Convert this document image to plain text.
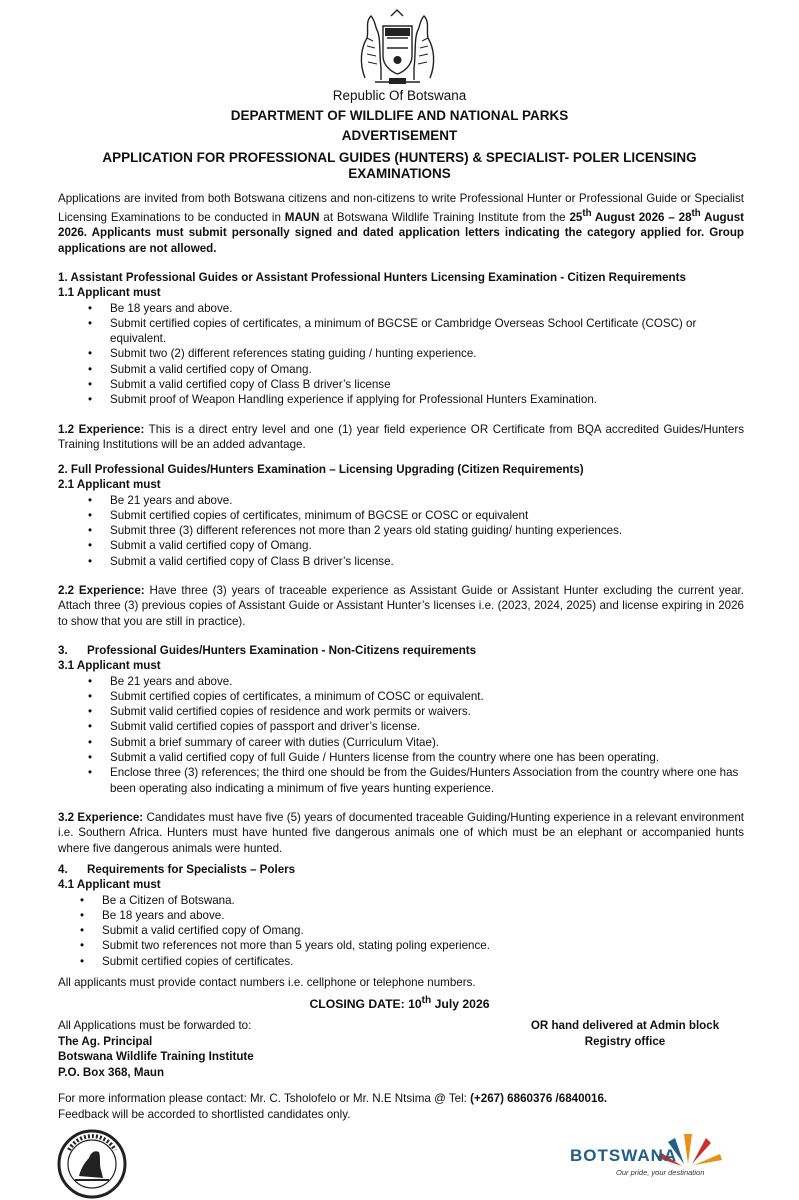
Republic Of Botswana
DEPARTMENT OF WILDLIFE AND NATIONAL PARKS
ADVERTISEMENT
APPLICATION FOR PROFESSIONAL GUIDES (HUNTERS) & SPECIALIST- POLER LICENSING
EXAMINATIONS
Applications are invited from both Botswana citizens and non-citizens to write Professional Hunter or Professional Guide or Specialist Licensing Examinations to be conducted in MAUN at Botswana Wildlife Training Institute from the 25th August 2026 – 28th August 2026. Applicants must submit personally signed and dated application letters indicating the category applied for. Group applications are not allowed.
1. Assistant Professional Guides or Assistant Professional Hunters Licensing Examination - Citizen Requirements
1.1 Applicant must
• Be 18 years and above.
• Submit certified copies of certificates, a minimum of BGCSE or Cambridge Overseas School Certificate (COSC) or equivalent.
• Submit two (2) different references stating guiding / hunting experience.
• Submit a valid certified copy of Omang.
• Submit a valid certified copy of Class B driver’s license
• Submit proof of Weapon Handling experience if applying for Professional Hunters Examination.
1.2 Experience: This is a direct entry level and one (1) year field experience OR Certificate from BQA accredited Guides/Hunters Training Institutions will be an added advantage.
2. Full Professional Guides/Hunters Examination – Licensing Upgrading (Citizen Requirements)
2.1 Applicant must
• Be 21 years and above.
• Submit certified copies of certificates, minimum of BGCSE or COSC or equivalent
• Submit three (3) different references not more than 2 years old stating guiding/ hunting experiences.
• Submit a valid certified copy of Omang.
• Submit a valid certified copy of Class B driver’s license.
2.2 Experience: Have three (3) years of traceable experience as Assistant Guide or Assistant Hunter excluding the current year. Attach three (3) previous copies of Assistant Guide or Assistant Hunter’s licenses i.e. (2023, 2024, 2025) and license expiring in 2026 to show that you are still in practice).
3.      Professional Guides/Hunters Examination - Non-Citizens requirements
3.1 Applicant must
• Be 21 years and above.
• Submit certified copies of certificates, a minimum of COSC or equivalent.
• Submit valid certified copies of residence and work permits or waivers.
• Submit valid certified copies of passport and driver’s license.
• Submit a brief summary of career with duties (Curriculum Vitae).
• Submit a valid certified copy of full Guide / Hunters license from the country where one has been operating.
• Enclose three (3) references; the third one should be from the Guides/Hunters Association from the country where one has been operating also indicating a minimum of five years hunting experience.
3.2 Experience: Candidates must have five (5) years of documented traceable Guiding/Hunting experience in a relevant environment i.e. Southern Africa. Hunters must have hunted five dangerous animals one of which must be an elephant or accompanied hunts where five dangerous animals were hunted.
4.      Requirements for Specialists – Polers
4.1 Applicant must
• Be a Citizen of Botswana.
• Be 18 years and above.
• Submit a valid certified copy of Omang.
• Submit two references not more than 5 years old, stating poling experience.
• Submit certified copies of certificates.
All applicants must provide contact numbers i.e. cellphone or telephone numbers.
CLOSING DATE: 10th July 2026
All Applications must be forwarded to:
The Ag. Principal
Botswana Wildlife Training Institute
P.O. Box 368, Maun
OR hand delivered at Admin block
Registry office
For more information please contact: Mr. C. Tsholofelo or Mr. N.E Ntsima @ Tel: (+267) 6860376 /6840016.
Feedback will be accorded to shortlisted candidates only.
BOTSWANA
Our pride, your destination
